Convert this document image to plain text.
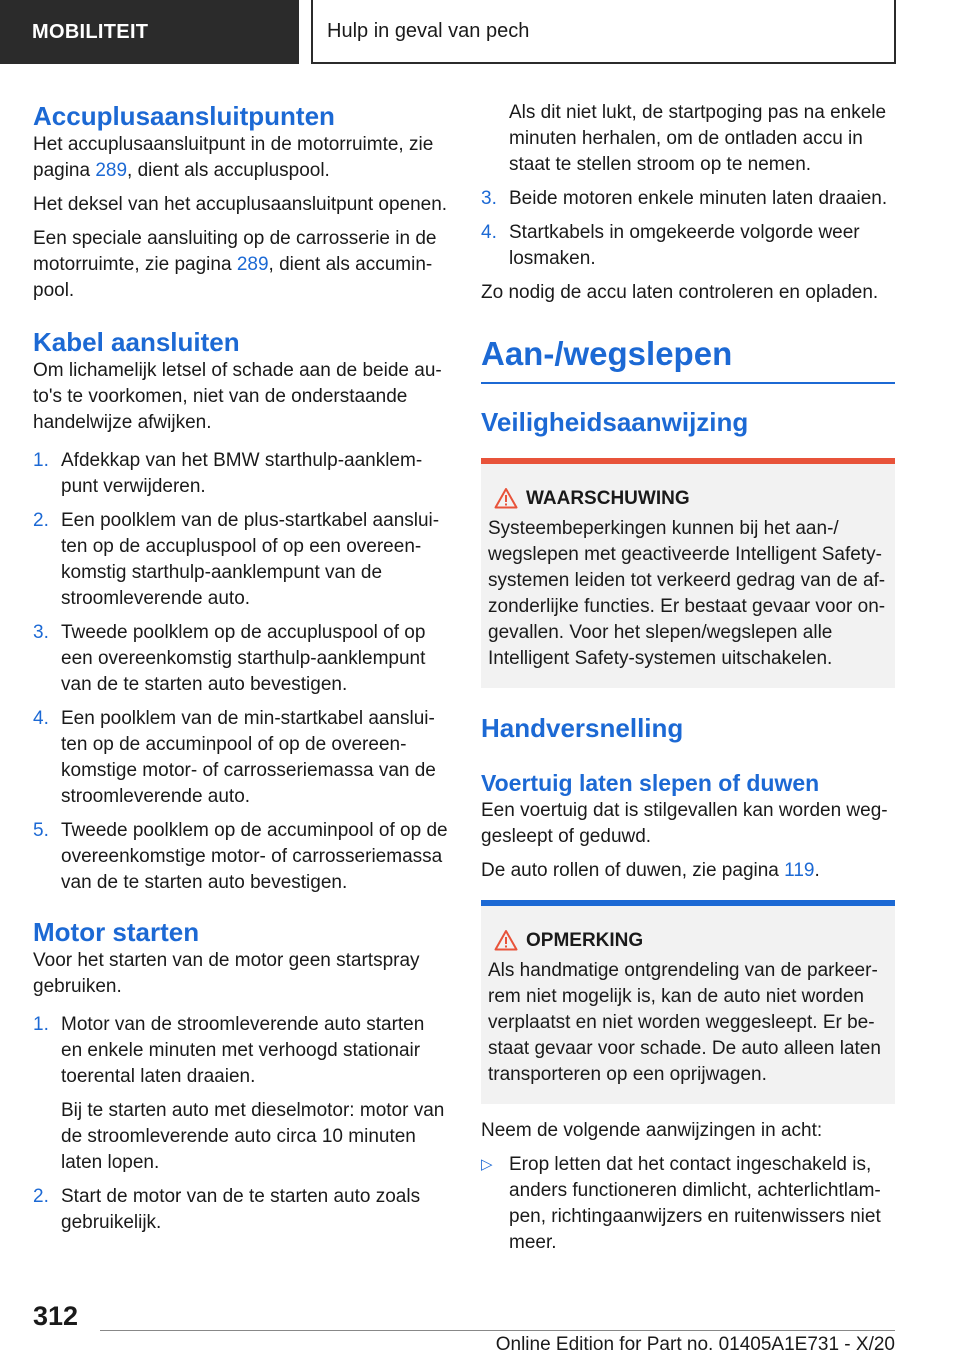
MOBILITEIT	Hulp in geval van pech
Accuplusaansluitpunten

Het accuplusaansluitpunt in de motorruimte, zie pagina 289, dient als accupluspool.

Het deksel van het accuplusaansluitpunt openen.

Een speciale aansluiting op de carrosserie in de motorruimte, zie pagina 289, dient als accuminpool.

Kabel aansluiten

Om lichamelijk letsel of schade aan de beide auto's te voorkomen, niet van de onderstaande handelwijze afwijken.

1. Afdekkap van het BMW starthulp-aanklempunt verwijderen.
2. Een poolklem van de plus-startkabel aansluiten op de accupluspool of op een overeenkomstig starthulp-aanklempunt van de stroomleverende auto.
3. Tweede poolklem op de accupluspool of op een overeenkomstig starthulp-aanklempunt van de te starten auto bevestigen.
4. Een poolklem van de min-startkabel aansluiten op de accuminpool of op de overeenkomstige motor- of carrosseriemassa van de stroomleverende auto.
5. Tweede poolklem op de accuminpool of op de overeenkomstige motor- of carrosseriemassa van de te starten auto bevestigen.
Motor starten

Voor het starten van de motor geen startspray gebruiken.

1. Motor van de stroomleverende auto starten en enkele minuten met verhoogd stationair toerental laten draaien.

Bij te starten auto met dieselmotor: motor van de stroomleverende auto circa 10 minuten laten lopen.

2. Start de motor van de te starten auto zoals gebruikelijk.

Als dit niet lukt, de startpoging pas na enkele minuten herhalen, om de ontladen accu in staat te stellen stroom op te nemen.

3. Beide motoren enkele minuten laten draaien.
4. Startkabels in omgekeerde volgorde weer losmaken.

Zo nodig de accu laten controleren en opladen.

Aan-/wegslepen
Veiligheidsaanwijzing
WAARSCHUWING

Systeembeperkingen kunnen bij het aan-/ wegslepen met geactiveerde Intelligent Safety-systemen leiden tot verkeerd gedrag van de afzonderlijke functies. Er bestaat gevaar voor ongevallen. Voor het slepen/wegslepen alle Intelligent Safety-systemen uitschakelen.

Handversnelling
Voertuig laten slepen of duwen

Een voertuig dat is stilgevallen kan worden weggesleept of geduwd.

De auto rollen of duwen, zie pagina 119.

OPMERKING

Als handmatige ontgrendeling van de parkeerrem niet mogelijk is, kan de auto niet worden verplaatst en niet worden weggesleept. Er bestaat gevaar voor schade. De auto alleen laten transporteren op een oprijwagen.

Neem de volgende aanwijzingen in acht:

▷ Erop letten dat het contact ingeschakeld is, anders functioneren dimlicht, achterlichtlampen, richtingaanwijzers en ruitenwissers niet meer.
312
Online Edition for Part no. 01405A1E731 - X/20
